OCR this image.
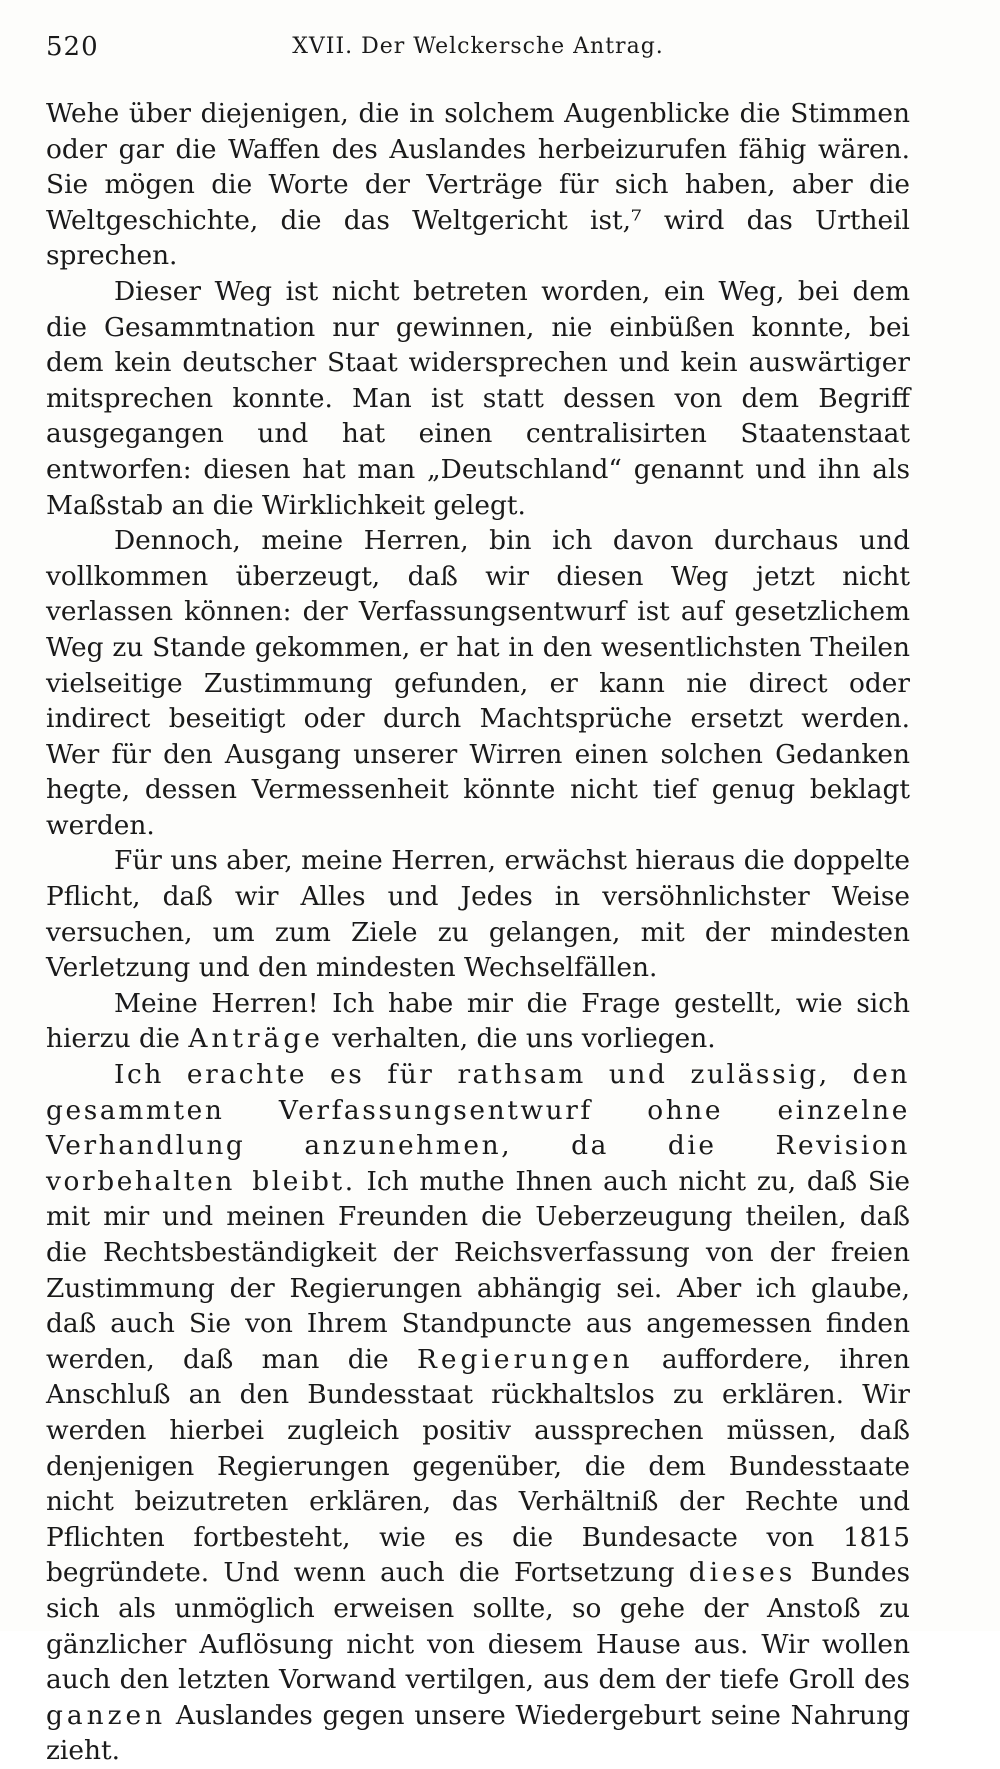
520	XVII. Der Welckersche Antrag.

Wehe über diejenigen, die in solchem Augenblicke die Stimmen oder gar die Waffen des Auslandes herbeizurufen fähig wären. Sie mögen die Worte der Verträge für sich haben, aber die Weltgeschichte, die das Weltgericht ist,⁷ wird das Urtheil sprechen.

Dieser Weg ist nicht betreten worden, ein Weg, bei dem die Gesammtnation nur gewinnen, nie einbüßen konnte, bei dem kein deutscher Staat widersprechen und kein auswärtiger mitsprechen konnte. Man ist statt dessen von dem Begriff ausgegangen und hat einen centralisirten Staatenstaat entworfen: diesen hat man „Deutschland“ genannt und ihn als Maßstab an die Wirklichkeit gelegt.

Dennoch, meine Herren, bin ich davon durchaus und vollkommen überzeugt, daß wir diesen Weg jetzt nicht verlassen können: der Verfassungsentwurf ist auf gesetzlichem Weg zu Stande gekommen, er hat in den wesentlichsten Theilen vielseitige Zustimmung gefunden, er kann nie direct oder indirect beseitigt oder durch Machtsprüche ersetzt werden. Wer für den Ausgang unserer Wirren einen solchen Gedanken hegte, dessen Vermessenheit könnte nicht tief genug beklagt werden.

Für uns aber, meine Herren, erwächst hieraus die doppelte Pflicht, daß wir Alles und Jedes in versöhnlichster Weise versuchen, um zum Ziele zu gelangen, mit der mindesten Verletzung und den mindesten Wechselfällen.

Meine Herren! Ich habe mir die Frage gestellt, wie sich hierzu die Anträge verhalten, die uns vorliegen.

Ich erachte es für rathsam und zulässig, den gesammten Verfassungsentwurf ohne einzelne Verhandlung anzunehmen, da die Revision vorbehalten bleibt. Ich muthe Ihnen auch nicht zu, daß Sie mit mir und meinen Freunden die Ueberzeugung theilen, daß die Rechtsbeständigkeit der Reichsverfassung von der freien Zustimmung der Regierungen abhängig sei. Aber ich glaube, daß auch Sie von Ihrem Standpuncte aus angemessen finden werden, daß man die Regierungen auffordere, ihren Anschluß an den Bundesstaat rückhaltslos zu erklären. Wir werden hierbei zugleich positiv aussprechen müssen, daß denjenigen Regierungen gegenüber, die dem Bundesstaate nicht beizutreten erklären, das Verhältniß der Rechte und Pflichten fortbesteht, wie es die Bundesacte von 1815 begründete. Und wenn auch die Fortsetzung dieses Bundes sich als unmöglich erweisen sollte, so gehe der Anstoß zu gänzlicher Auflösung nicht von diesem Hause aus. Wir wollen auch den letzten Vorwand vertilgen, aus dem der tiefe Groll des ganzen Auslandes gegen unsere Wiedergeburt seine Nahrung zieht.
